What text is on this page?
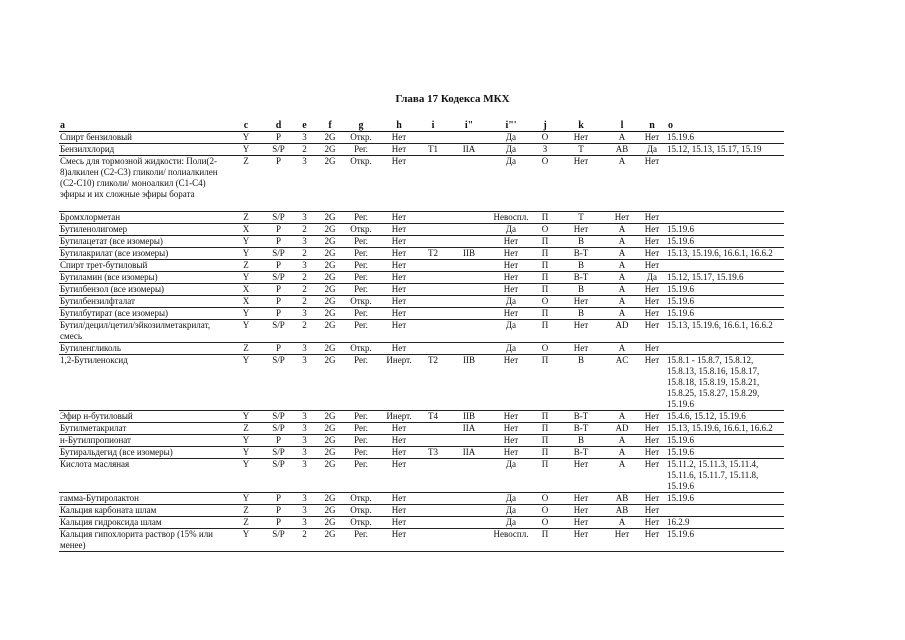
Глава 17 Кодекса МКХ
a	c	d	e	f	g	h	i	i"	i"'	j	k	l	n	o
Спирт бензиловый	Y	P	3	2G	Откр.	Нет			Да	О	Нет	А	Нет	15.19.6
Бензилхлорид	Y	S/P	2	2G	Рег.	Нет	T1	IIA	Да	З	Т	АВ	Да	15.12, 15.13, 15.17, 15.19
Смесь для тормозной жидкости: Поли(2-8)алкилен (С2-С3) гликоли/ полиалкилен (С2-С10) гликоли/ моноалкил (С1-С4) эфиры и их сложные эфиры бората	Z	P	3	2G	Откр.	Нет			Да	О	Нет	А	Нет	
Бромхлорметан	Z	S/P	3	2G	Рег.	Нет			Невоспл.	П	Т	Нет	Нет	
Бутиленолигомер	X	P	2	2G	Откр.	Нет			Да	О	Нет	А	Нет	15.19.6
Бутилацетат (все изомеры)	Y	P	3	2G	Рег.	Нет			Нет	П	В	А	Нет	15.19.6
Бутилакрилат (все изомеры)	Y	S/P	2	2G	Рег.	Нет	T2	IIB	Нет	П	В-Т	А	Нет	15.13, 15.19.6, 16.6.1, 16.6.2
Спирт трет-бутиловый	Z	P	3	2G	Рег.	Нет			Нет	П	В	А	Нет	
Бутиламин (все изомеры)	Y	S/P	2	2G	Рег.	Нет			Нет	П	В-Т	А	Да	15.12, 15.17, 15.19.6
Бутилбензол (все изомеры)	X	P	2	2G	Рег.	Нет			Нет	П	В	А	Нет	15.19.6
Бутилбензилфталат	X	P	2	2G	Откр.	Нет			Да	О	Нет	А	Нет	15.19.6
Бутилбутират (все изомеры)	Y	P	3	2G	Рег.	Нет			Нет	П	В	А	Нет	15.19.6
Бутил/децил/цетил/эйкозилметакрилат, смесь	Y	S/P	2	2G	Рег.	Нет			Да	П	Нет	AD	Нет	15.13, 15.19.6, 16.6.1, 16.6.2
Бутиленгликоль	Z	P	3	2G	Откр.	Нет			Да	О	Нет	А	Нет	
1,2-Бутиленоксид	Y	S/P	3	2G	Рег.	Инерт.	T2	IIB	Нет	П	В	AC	Нет	15.8.1 - 15.8.7, 15.8.12, 15.8.13, 15.8.16, 15.8.17, 15.8.18, 15.8.19, 15.8.21, 15.8.25, 15.8.27, 15.8.29, 15.19.6
Эфир н-бутиловый	Y	S/P	3	2G	Рег.	Инерт.	T4	IIB	Нет	П	В-Т	А	Нет	15.4.6, 15.12, 15.19.6
Бутилметакрилат	Z	S/P	3	2G	Рег.	Нет		IIA	Нет	П	В-Т	AD	Нет	15.13, 15.19.6, 16.6.1, 16.6.2
н-Бутилпропионат	Y	P	3	2G	Рег.	Нет			Нет	П	В	А	Нет	15.19.6
Бутиральдегид (все изомеры)	Y	S/P	3	2G	Рег.	Нет	T3	IIA	Нет	П	В-Т	А	Нет	15.19.6
Кислота масляная	Y	S/P	3	2G	Рег.	Нет			Да	П	Нет	А	Нет	15.11.2, 15.11.3, 15.11.4, 15.11.6, 15.11.7, 15.11.8, 15.19.6
гамма-Бутиролактон	Y	P	3	2G	Откр.	Нет			Да	О	Нет	АВ	Нет	15.19.6
Кальция карбоната шлам	Z	P	3	2G	Откр.	Нет			Да	О	Нет	АВ	Нет	
Кальция гидроксида шлам	Z	P	3	2G	Откр.	Нет			Да	О	Нет	А	Нет	16.2.9
Кальция гипохлорита раствор (15% или менее)	Y	S/P	2	2G	Рег.	Нет			Невоспл.	П	Нет	Нет	Нет	15.19.6
